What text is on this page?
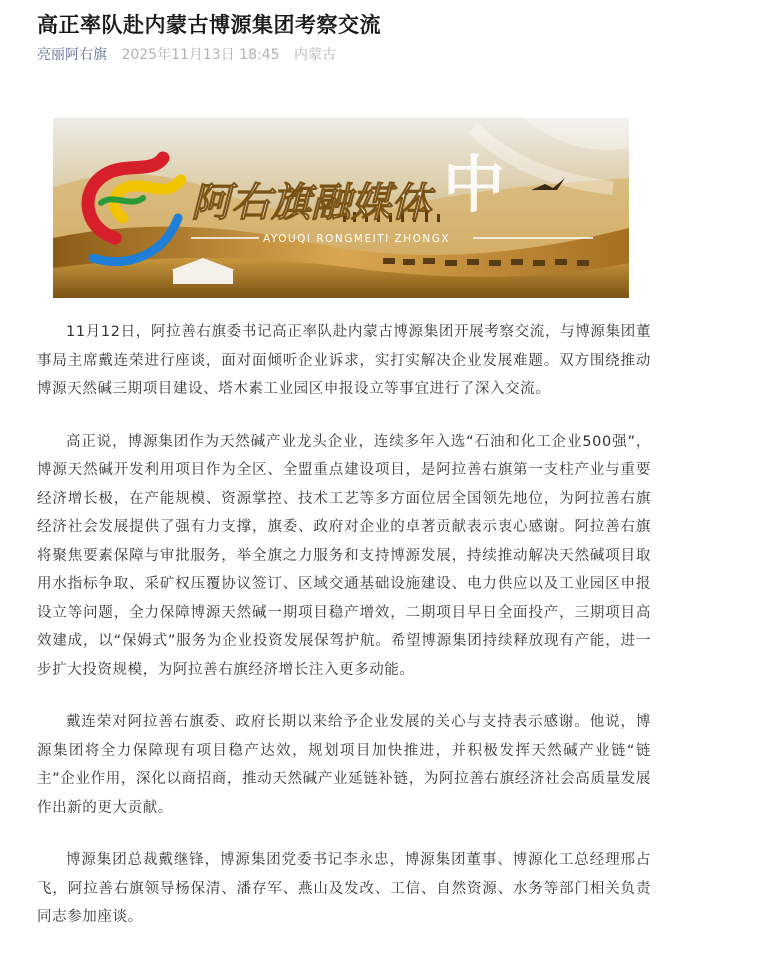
高正率队赴内蒙古博源集团考察交流
亮丽阿右旗 2025年11月13日 18:45 内蒙古
阿右旗融媒体 中
AYOUQI RONGMEITI ZHONGX

11月12日，阿拉善右旗委书记高正率队赴内蒙古博源集团开展考察交流，与博源集团董事局主席戴连荣进行座谈，面对面倾听企业诉求，实打实解决企业发展难题。双方围绕推动博源天然碱三期项目建设、塔木素工业园区申报设立等事宜进行了深入交流。

高正说，博源集团作为天然碱产业龙头企业，连续多年入选“石油和化工企业500强”，博源天然碱开发利用项目作为全区、全盟重点建设项目，是阿拉善右旗第一支柱产业与重要经济增长极，在产能规模、资源掌控、技术工艺等多方面位居全国领先地位，为阿拉善右旗经济社会发展提供了强有力支撑，旗委、政府对企业的卓著贡献表示衷心感谢。阿拉善右旗将聚焦要素保障与审批服务，举全旗之力服务和支持博源发展，持续推动解决天然碱项目取用水指标争取、采矿权压覆协议签订、区域交通基础设施建设、电力供应以及工业园区申报设立等问题，全力保障博源天然碱一期项目稳产增效，二期项目早日全面投产，三期项目高效建成，以“保姆式”服务为企业投资发展保驾护航。希望博源集团持续释放现有产能，进一步扩大投资规模，为阿拉善右旗经济增长注入更多动能。

戴连荣对阿拉善右旗委、政府长期以来给予企业发展的关心与支持表示感谢。他说，博源集团将全力保障现有项目稳产达效，规划项目加快推进，并积极发挥天然碱产业链“链主”企业作用，深化以商招商，推动天然碱产业延链补链，为阿拉善右旗经济社会高质量发展作出新的更大贡献。

博源集团总裁戴继锋，博源集团党委书记李永忠，博源集团董事、博源化工总经理邢占飞，阿拉善右旗领导杨保清、潘存军、燕山及发改、工信、自然资源、水务等部门相关负责同志参加座谈。
